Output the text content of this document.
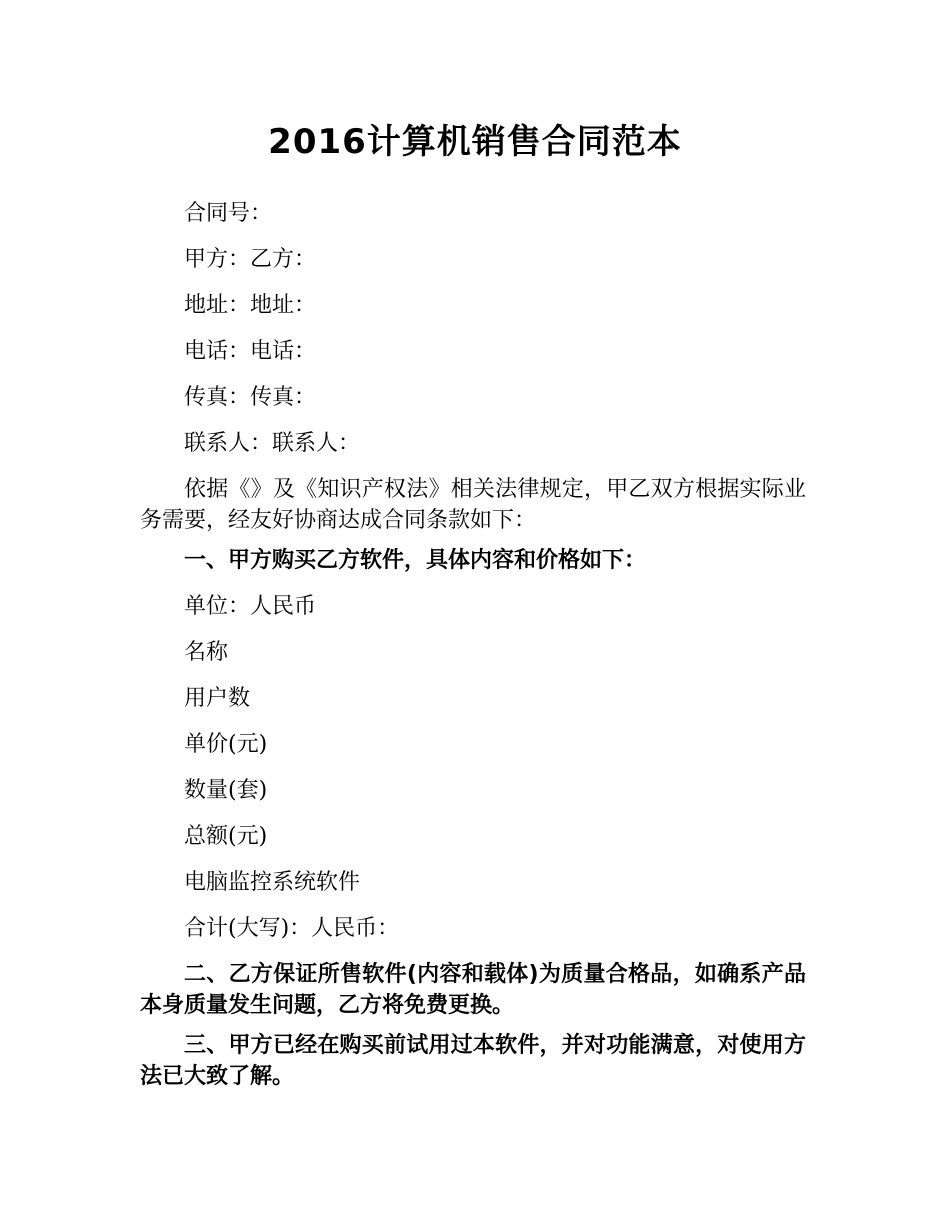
2016计算机销售合同范本

合同号：

甲方：乙方：

地址：地址：

电话：电话：

传真：传真：

联系人：联系人：

依据《》及《知识产权法》相关法律规定，甲乙双方根据实际业务需要，经友好协商达成合同条款如下：

一、甲方购买乙方软件，具体内容和价格如下：

单位：人民币

名称

用户数

单价(元)

数量(套)

总额(元)

电脑监控系统软件

合计(大写)：人民币：

二、乙方保证所售软件(内容和载体)为质量合格品，如确系产品本身质量发生问题，乙方将免费更换。

三、甲方已经在购买前试用过本软件，并对功能满意，对使用方法已大致了解。
